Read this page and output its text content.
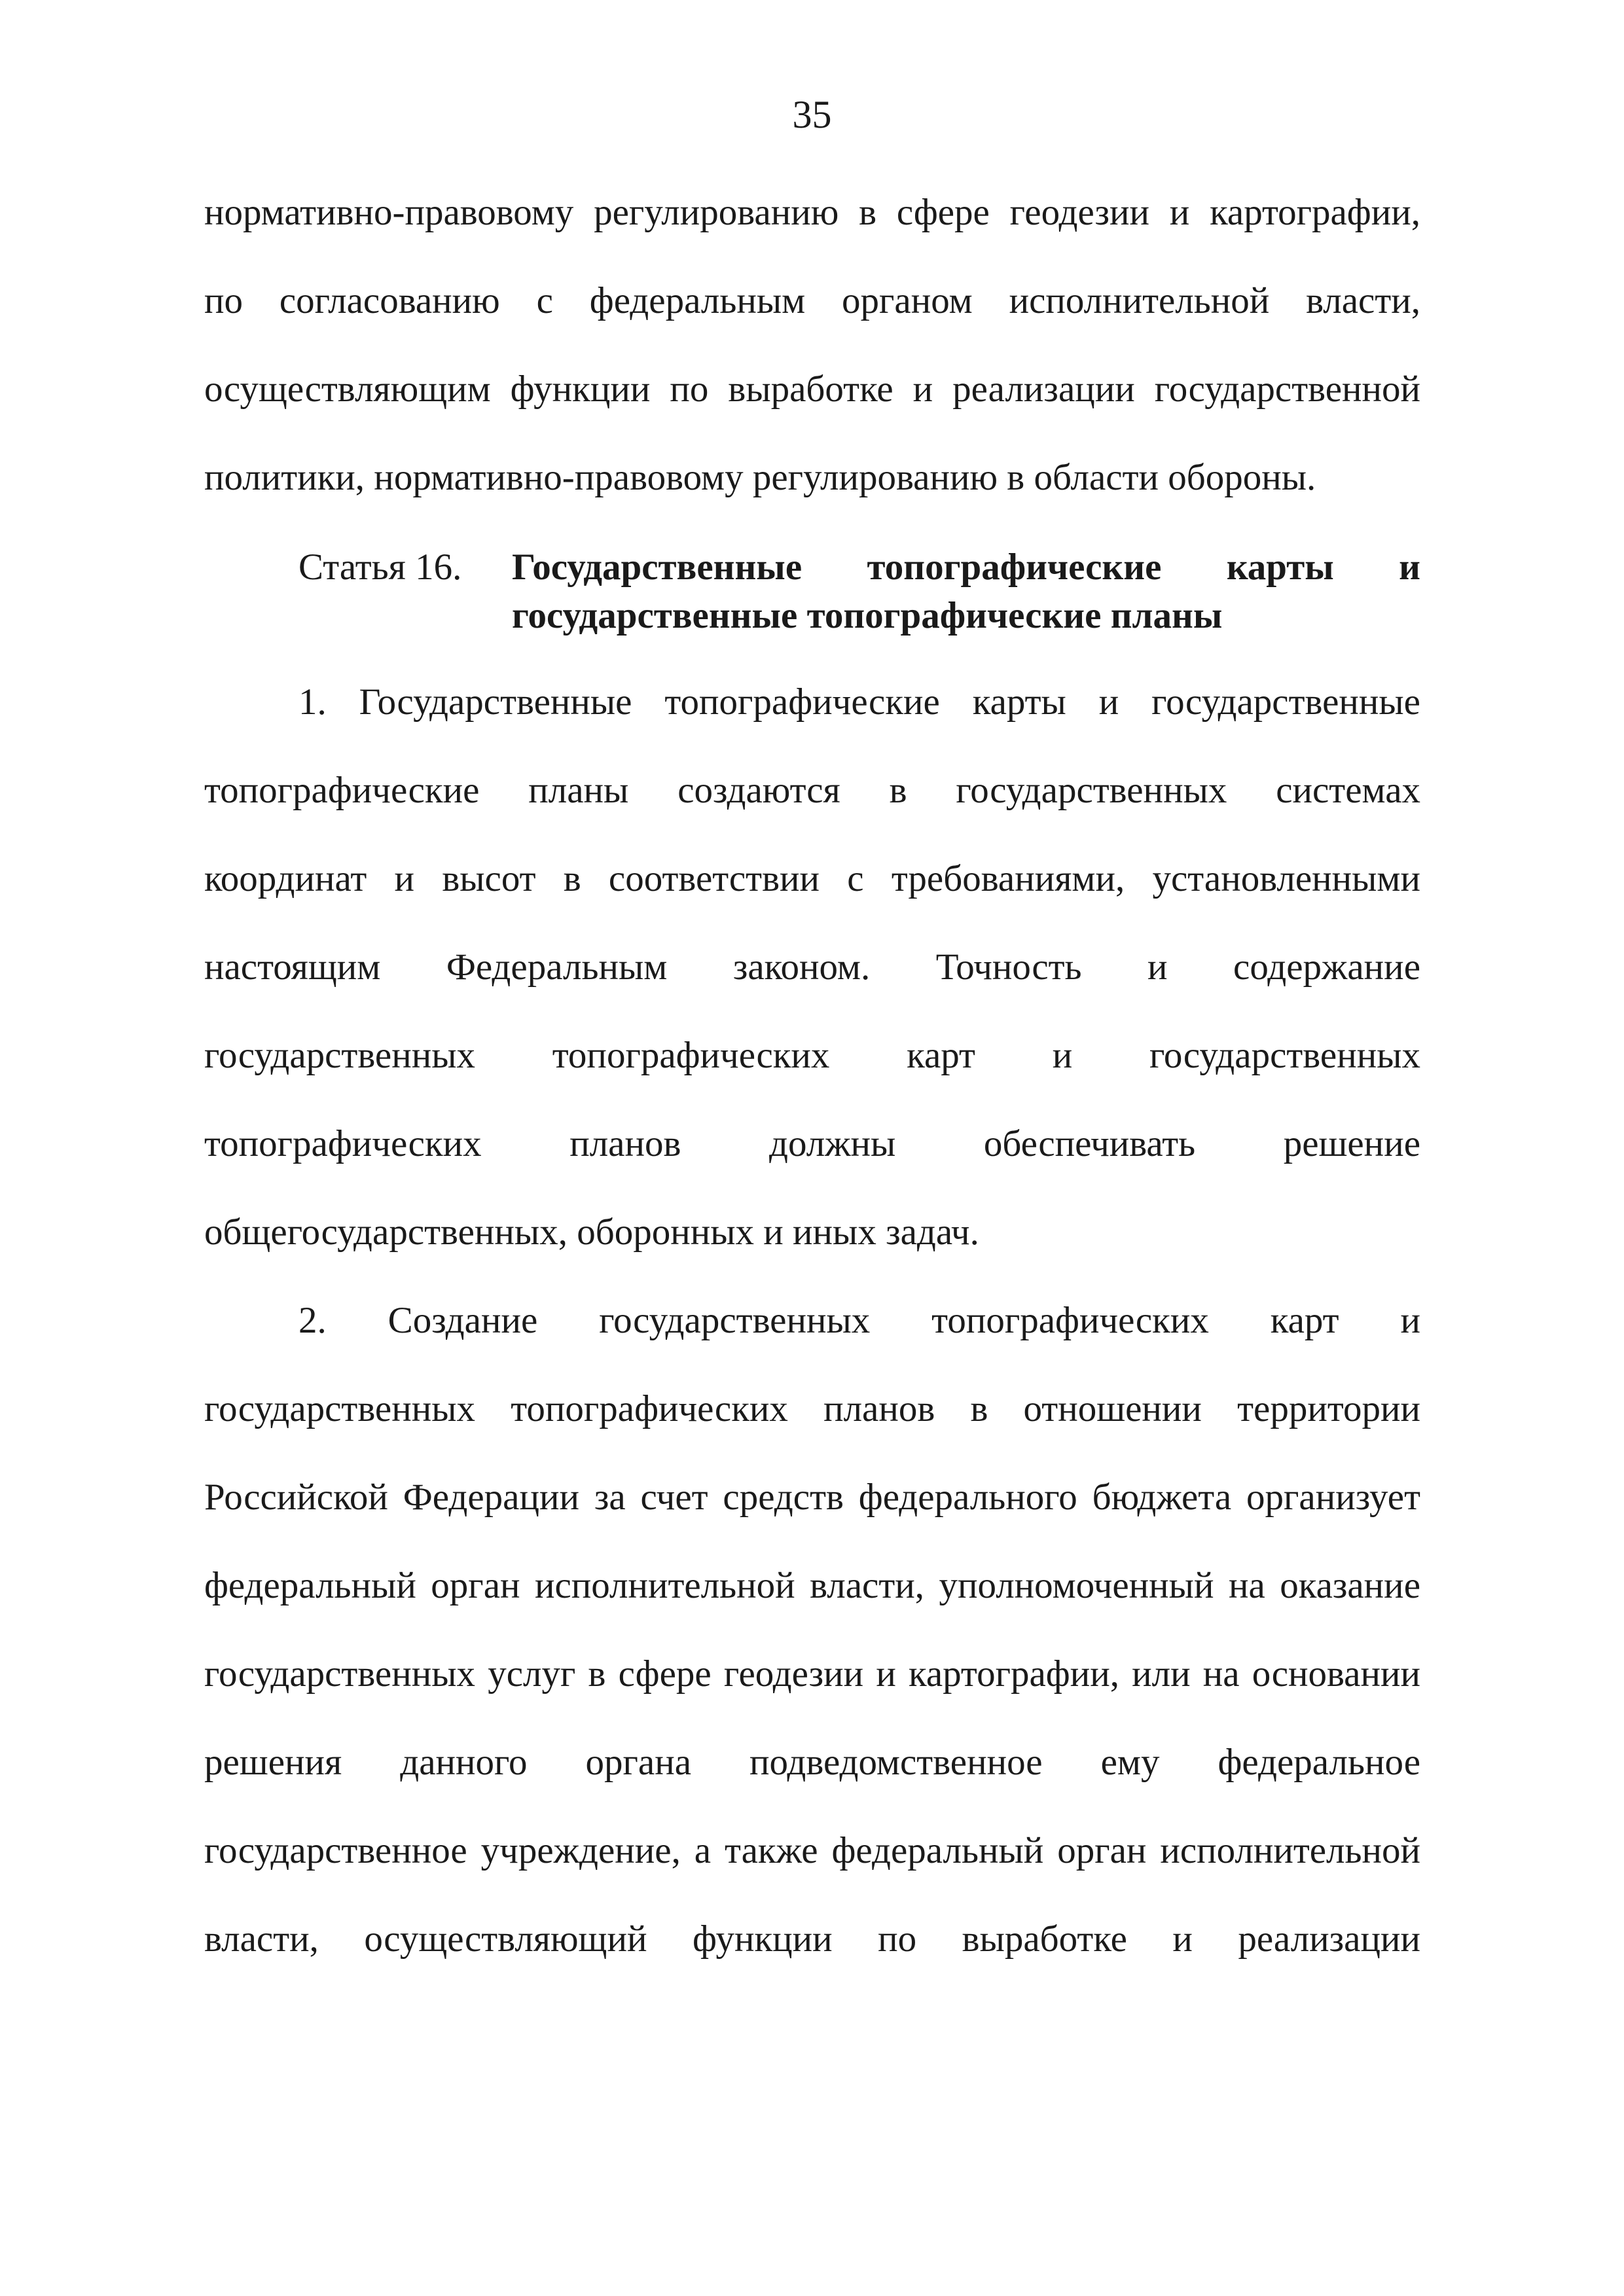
35
нормативно-правовому регулированию в сфере геодезии и картографии,
по согласованию с федеральным органом исполнительной власти,
осуществляющим функции по выработке и реализации государственной
политики, нормативно-правовому регулированию в области обороны.
Статья 16. Государственные топографические карты и
государственные топографические планы
1. Государственные топографические карты и государственные
топографические планы создаются в государственных системах
координат и высот в соответствии с требованиями, установленными
настоящим Федеральным законом. Точность и содержание
государственных топографических карт и государственных
топографических планов должны обеспечивать решение
общегосударственных, оборонных и иных задач.
2. Создание государственных топографических карт и
государственных топографических планов в отношении территории
Российской Федерации за счет средств федерального бюджета организует
федеральный орган исполнительной власти, уполномоченный на оказание
государственных услуг в сфере геодезии и картографии, или на основании
решения данного органа подведомственное ему федеральное
государственное учреждение, а также федеральный орган исполнительной
власти, осуществляющий функции по выработке и реализации
